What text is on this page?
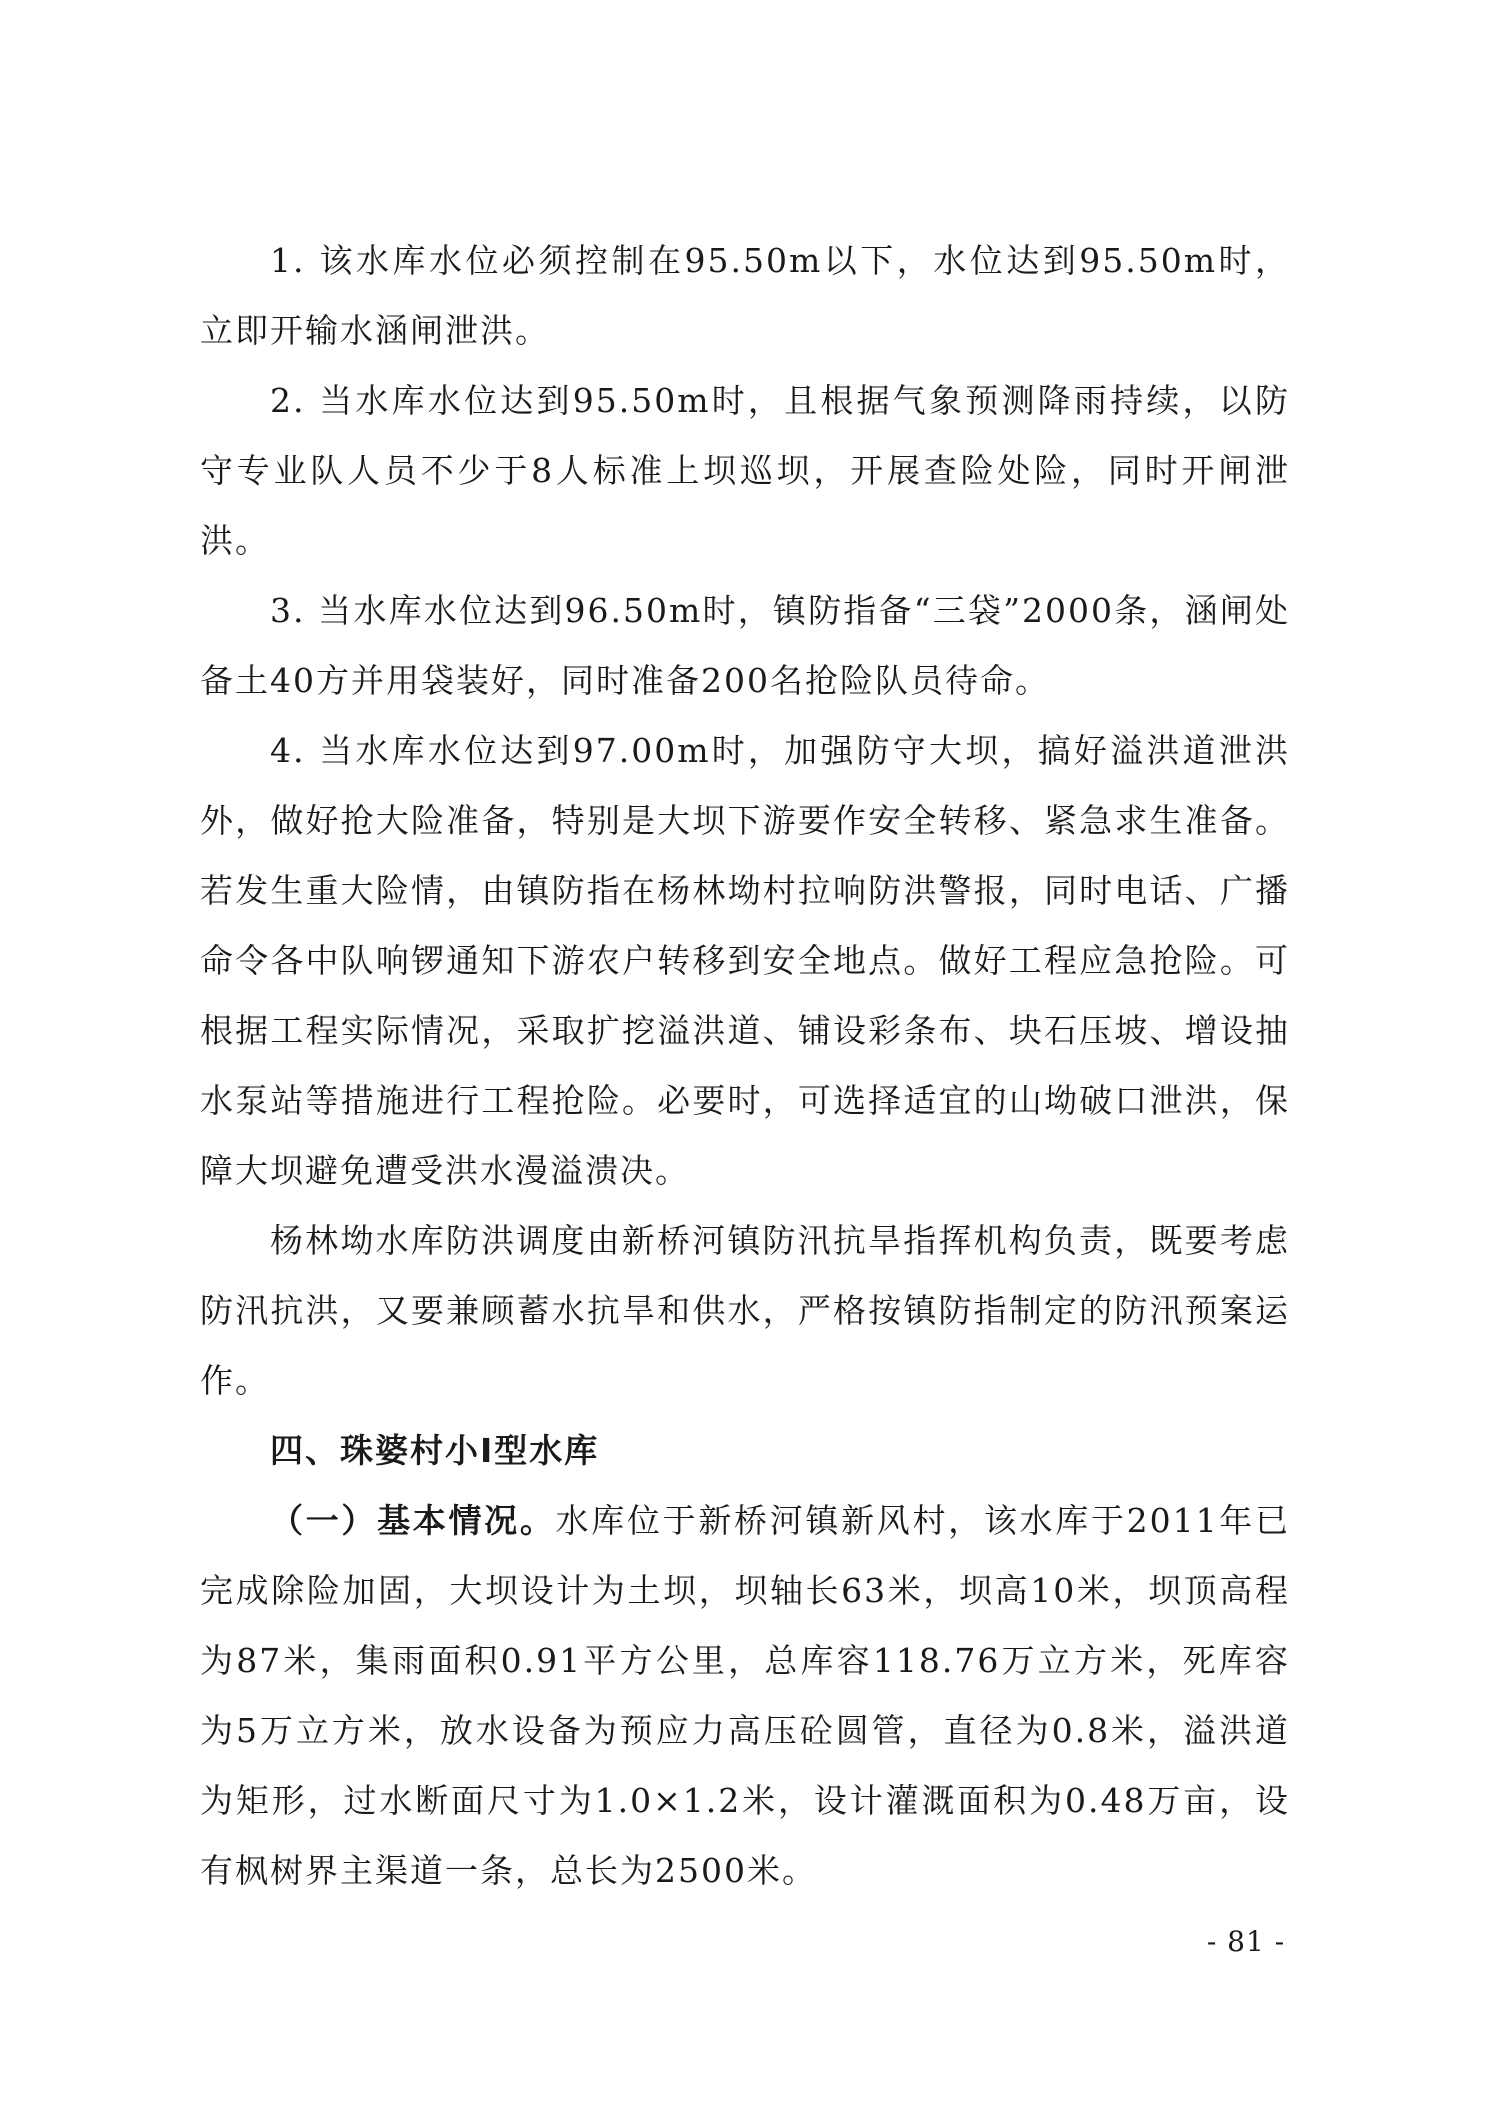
1. 该水库水位必须控制在95.50m以下，水位达到95.50m时，立即开输水涵闸泄洪。

2. 当水库水位达到95.50m时，且根据气象预测降雨持续，以防守专业队人员不少于8人标准上坝巡坝，开展查险处险，同时开闸泄洪。

3. 当水库水位达到96.50m时，镇防指备“三袋”2000条，涵闸处备土40方并用袋装好，同时准备200名抢险队员待命。

4. 当水库水位达到97.00m时，加强防守大坝，搞好溢洪道泄洪外，做好抢大险准备，特别是大坝下游要作安全转移、紧急求生准备。若发生重大险情，由镇防指在杨林坳村拉响防洪警报，同时电话、广播命令各中队响锣通知下游农户转移到安全地点。做好工程应急抢险。可根据工程实际情况，采取扩挖溢洪道、铺设彩条布、块石压坡、增设抽水泵站等措施进行工程抢险。必要时，可选择适宜的山坳破口泄洪，保障大坝避免遭受洪水漫溢溃决。

杨林坳水库防洪调度由新桥河镇防汛抗旱指挥机构负责，既要考虑防汛抗洪，又要兼顾蓄水抗旱和供水，严格按镇防指制定的防汛预案运作。

四、珠婆村小Ⅰ型水库

（一）基本情况。水库位于新桥河镇新风村，该水库于2011年已完成除险加固，大坝设计为土坝，坝轴长63米，坝高10米，坝顶高程为87米，集雨面积0.91平方公里，总库容118.76万立方米，死库容为5万立方米，放水设备为预应力高压砼圆管，直径为0.8米，溢洪道为矩形，过水断面尺寸为1.0×1.2米，设计灌溉面积为0.48万亩，设有枫树界主渠道一条，总长为2500米。

- 81 -
